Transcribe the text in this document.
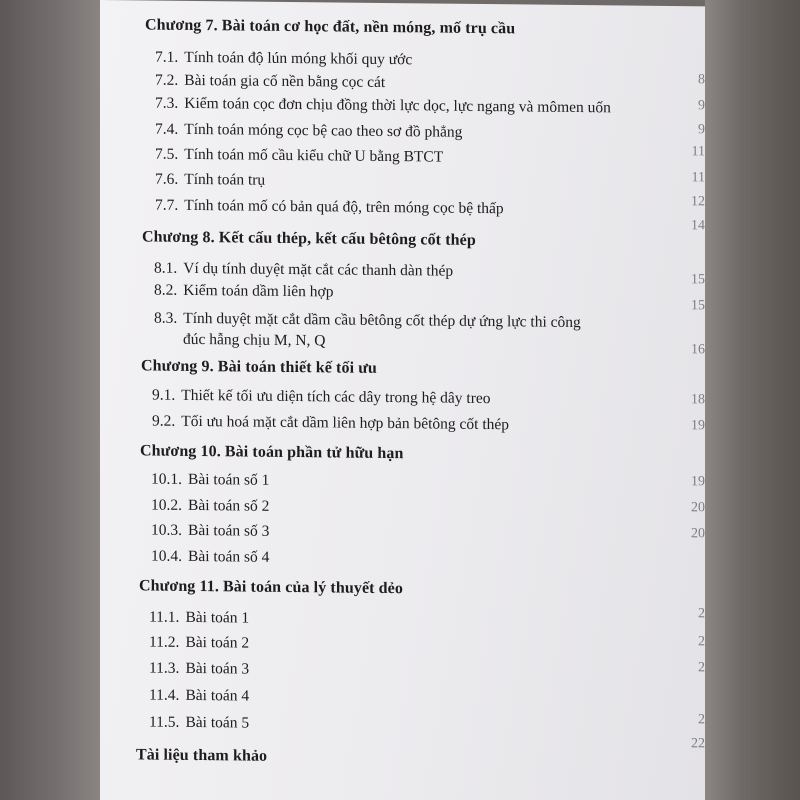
Chương 7. Bài toán cơ học đất, nền móng, mố trụ cầu
7.1. Tính toán độ lún móng khối quy ước
7.2. Bài toán gia cố nền bằng cọc cát
7.3. Kiểm toán cọc đơn chịu đồng thời lực dọc, lực ngang và mômen uốn
7.4. Tính toán móng cọc bệ cao theo sơ đồ phẳng
7.5. Tính toán mố cầu kiểu chữ U bằng BTCT
7.6. Tính toán trụ
7.7. Tính toán mố có bản quá độ, trên móng cọc bệ thấp
Chương 8. Kết cấu thép, kết cấu bêtông cốt thép
8.1. Ví dụ tính duyệt mặt cắt các thanh dàn thép
8.2. Kiểm toán dầm liên hợp
8.3. Tính duyệt mặt cắt dầm cầu bêtông cốt thép dự ứng lực thi công
đúc hẫng chịu M, N, Q
Chương 9. Bài toán thiết kế tối ưu
9.1. Thiết kế tối ưu diện tích các dây trong hệ dây treo
9.2. Tối ưu hoá mặt cắt dầm liên hợp bản bêtông cốt thép
Chương 10. Bài toán phần tử hữu hạn
10.1. Bài toán số 1
10.2. Bài toán số 2
10.3. Bài toán số 3
10.4. Bài toán số 4
Chương 11. Bài toán của lý thuyết dẻo
11.1. Bài toán 1
11.2. Bài toán 2
11.3. Bài toán 3
11.4. Bài toán 4
11.5. Bài toán 5
Tài liệu tham khảo
8
9
9
11
11
12
14
15
15
16
18
19
19
20
20
2
2
2
2
22
